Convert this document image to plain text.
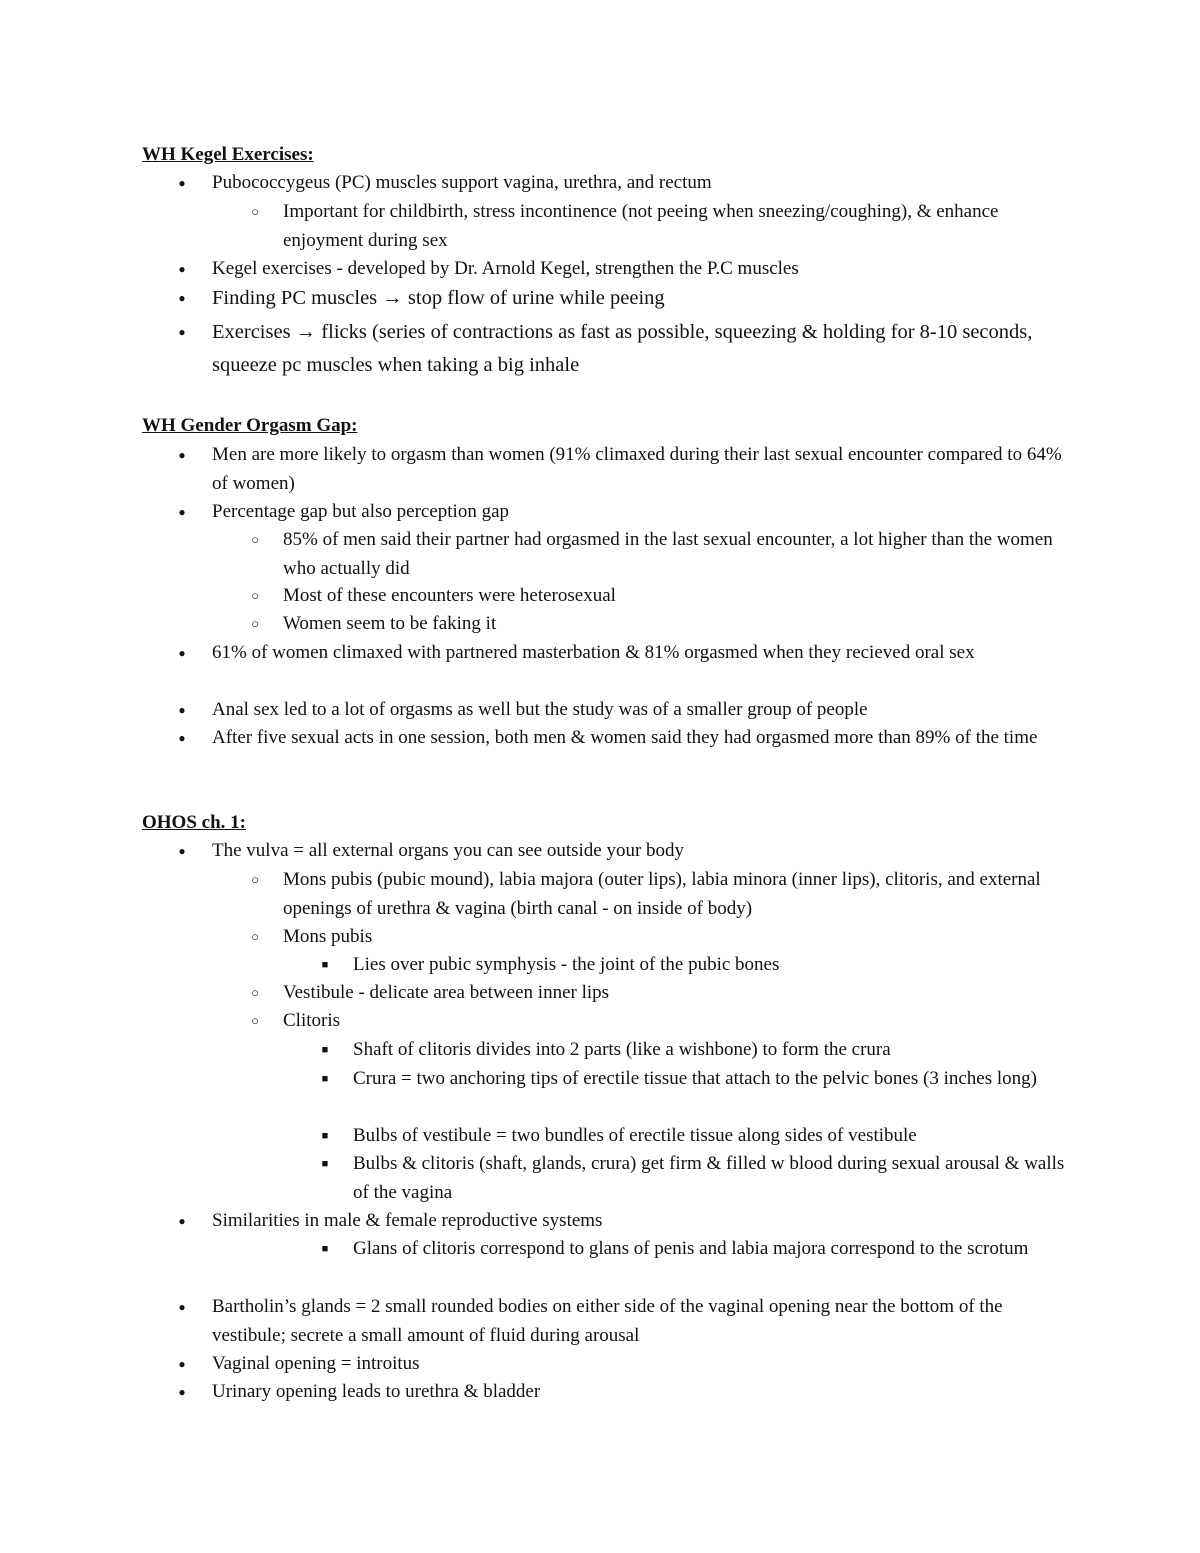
WH Kegel Exercises:
●	Pubococcygeus (PC) muscles support vagina, urethra, and rectum
○	Important for childbirth, stress incontinence (not peeing when sneezing/coughing), & enhance enjoyment during sex
●	Kegel exercises - developed by Dr. Arnold Kegel, strengthen the P.C muscles
●	Finding PC muscles → stop flow of urine while peeing
●	Exercises → flicks (series of contractions as fast as possible, squeezing & holding for 8-10 seconds, squeeze pc muscles when taking a big inhale
WH Gender Orgasm Gap:
●	Men are more likely to orgasm than women (91% climaxed during their last sexual encounter compared to 64% of women)
●	Percentage gap but also perception gap
○	85% of men said their partner had orgasmed in the last sexual encounter, a lot higher than the women who actually did
○	Most of these encounters were heterosexual
○	Women seem to be faking it
●	61% of women climaxed with partnered masterbation & 81% orgasmed when they recieved oral sex
●	Anal sex led to a lot of orgasms as well but the study was of a smaller group of people
●	After five sexual acts in one session, both men & women said they had orgasmed more than 89% of the time
OHOS ch. 1:
●	The vulva = all external organs you can see outside your body
○	Mons pubis (pubic mound), labia majora (outer lips), labia minora (inner lips), clitoris, and external openings of urethra & vagina (birth canal - on inside of body)
○	Mons pubis
■	Lies over pubic symphysis - the joint of the pubic bones
○	Vestibule - delicate area between inner lips
○	Clitoris
■	Shaft of clitoris divides into 2 parts (like a wishbone) to form the crura
■	Crura = two anchoring tips of erectile tissue that attach to the pelvic bones (3 inches long)
■	Bulbs of vestibule = two bundles of erectile tissue along sides of vestibule
■	Bulbs & clitoris (shaft, glands, crura) get firm & filled w blood during sexual arousal & walls of the vagina
●	Similarities in male & female reproductive systems
■	Glans of clitoris correspond to glans of penis and labia majora correspond to the scrotum
●	Bartholin’s glands = 2 small rounded bodies on either side of the vaginal opening near the bottom of the vestibule; secrete a small amount of fluid during arousal
●	Vaginal opening = introitus
●	Urinary opening leads to urethra & bladder
